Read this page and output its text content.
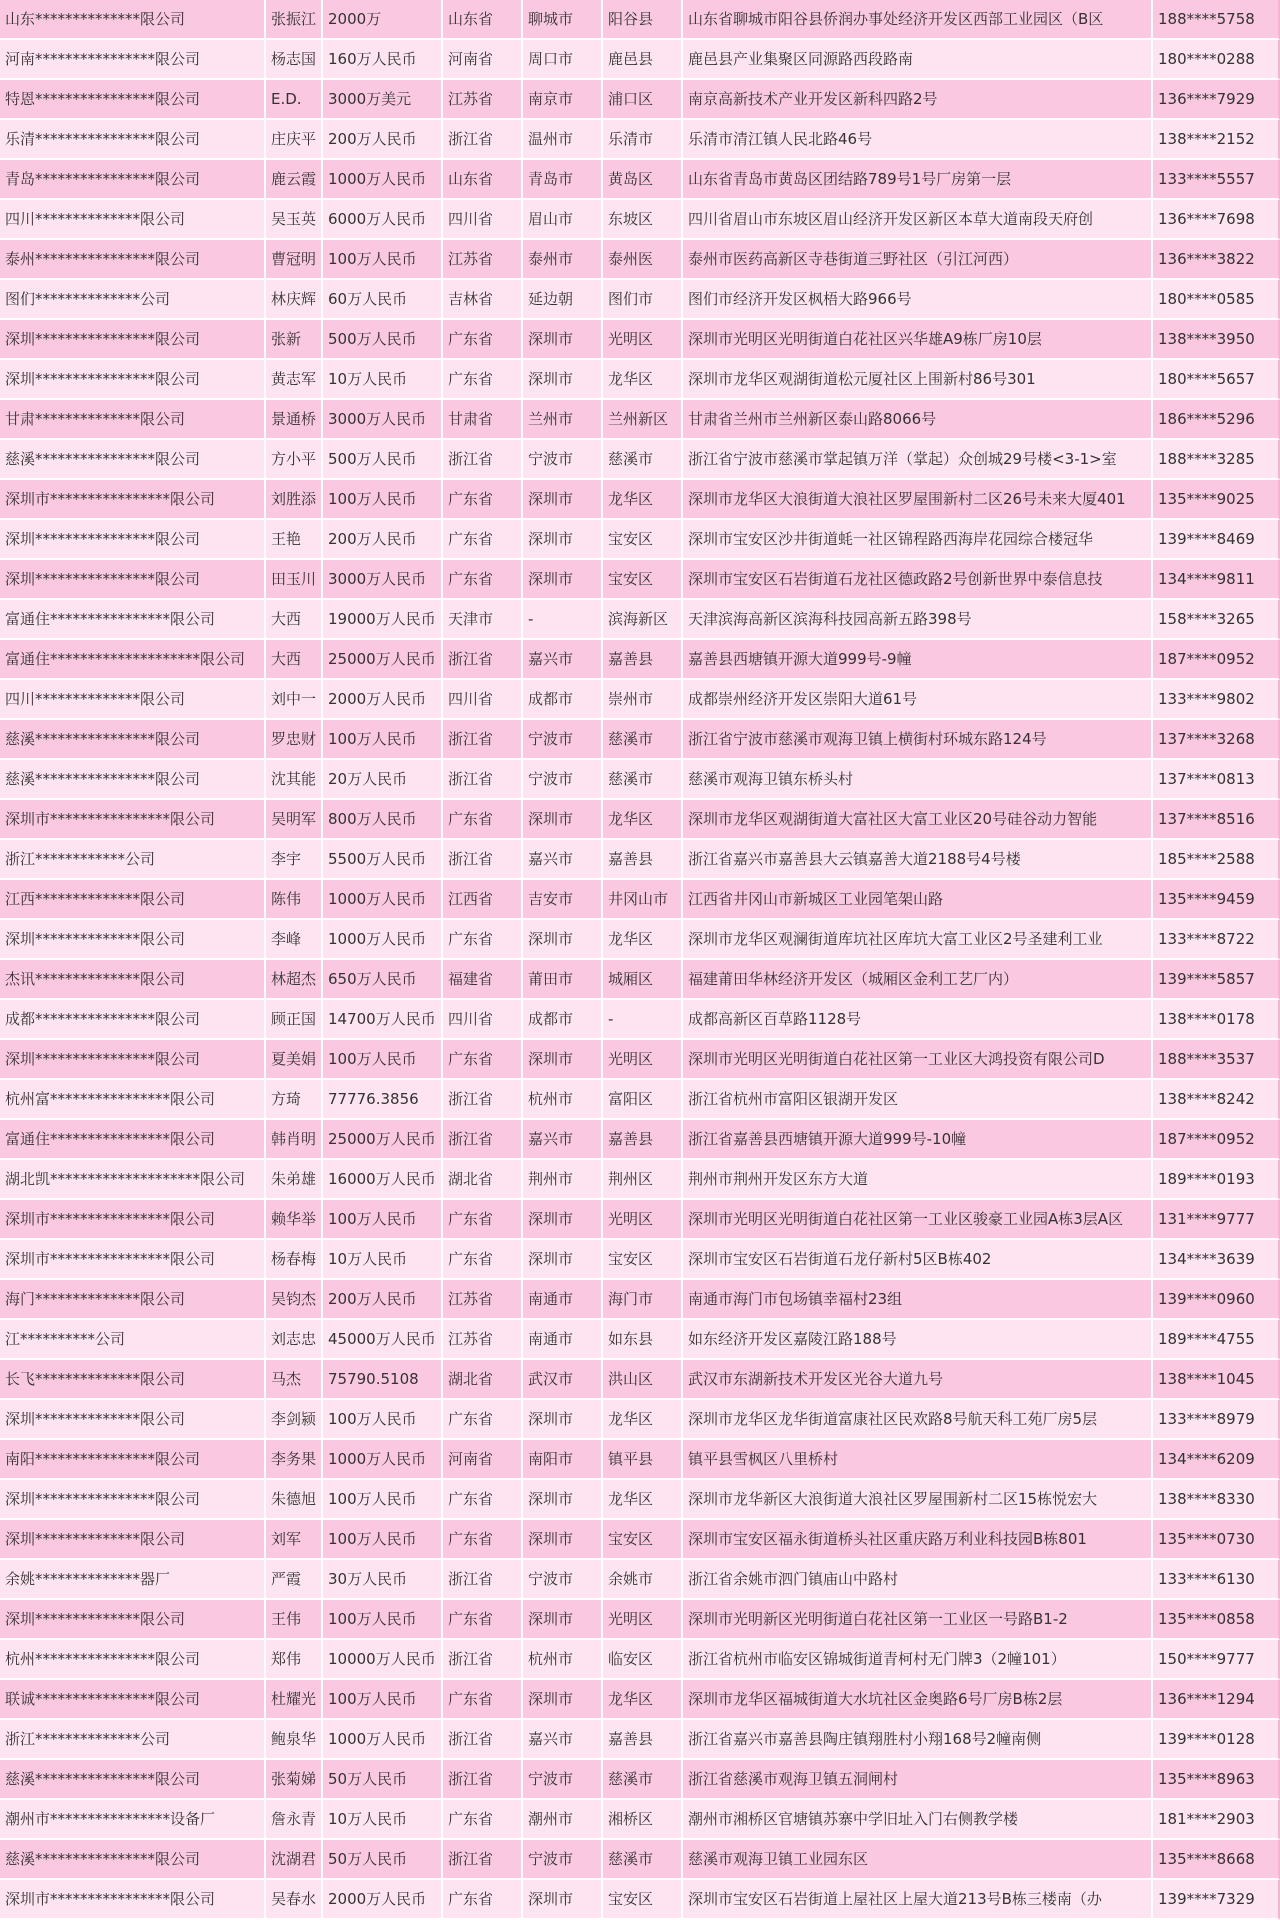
山东**************限公司	张振江	2000万	山东省	聊城市	阳谷县	山东省聊城市阳谷县侨润办事处经济开发区西部工业园区（B区	188****5758
河南****************限公司	杨志国	160万人民币	河南省	周口市	鹿邑县	鹿邑县产业集聚区同源路西段路南	180****0288
特恩****************限公司	E.D.	3000万美元	江苏省	南京市	浦口区	南京高新技术产业开发区新科四路2号	136****7929
乐清****************限公司	庄庆平	200万人民币	浙江省	温州市	乐清市	乐清市清江镇人民北路46号	138****2152
青岛****************限公司	鹿云霞	1000万人民币	山东省	青岛市	黄岛区	山东省青岛市黄岛区团结路789号1号厂房第一层	133****5557
四川**************限公司	吴玉英	6000万人民币	四川省	眉山市	东坡区	四川省眉山市东坡区眉山经济开发区新区本草大道南段天府创	136****7698
泰州****************限公司	曹冠明	100万人民币	江苏省	泰州市	泰州医	泰州市医药高新区寺巷街道三野社区（引江河西）	136****3822
图们**************公司	林庆辉	60万人民币	吉林省	延边朝	图们市	图们市经济开发区枫梧大路966号	180****0585
深圳****************限公司	张新	500万人民币	广东省	深圳市	光明区	深圳市光明区光明街道白花社区兴华雄A9栋厂房10层	138****3950
深圳****************限公司	黄志军	10万人民币	广东省	深圳市	龙华区	深圳市龙华区观湖街道松元厦社区上围新村86号301	180****5657
甘肃**************限公司	景通桥	3000万人民币	甘肃省	兰州市	兰州新区	甘肃省兰州市兰州新区泰山路8066号	186****5296
慈溪****************限公司	方小平	500万人民币	浙江省	宁波市	慈溪市	浙江省宁波市慈溪市掌起镇万洋（掌起）众创城29号楼<3-1>室	188****3285
深圳市****************限公司	刘胜添	100万人民币	广东省	深圳市	龙华区	深圳市龙华区大浪街道大浪社区罗屋围新村二区26号未来大厦401	135****9025
深圳****************限公司	王艳	200万人民币	广东省	深圳市	宝安区	深圳市宝安区沙井街道蚝一社区锦程路西海岸花园综合楼冠华	139****8469
深圳****************限公司	田玉川	3000万人民币	广东省	深圳市	宝安区	深圳市宝安区石岩街道石龙社区德政路2号创新世界中泰信息技	134****9811
富通住****************限公司	大西	19000万人民币	天津市	-	滨海新区	天津滨海高新区滨海科技园高新五路398号	158****3265
富通住********************限公司	大西	25000万人民币	浙江省	嘉兴市	嘉善县	嘉善县西塘镇开源大道999号-9幢	187****0952
四川**************限公司	刘中一	2000万人民币	四川省	成都市	崇州市	成都崇州经济开发区崇阳大道61号	133****9802
慈溪****************限公司	罗忠财	100万人民币	浙江省	宁波市	慈溪市	浙江省宁波市慈溪市观海卫镇上横街村环城东路124号	137****3268
慈溪****************限公司	沈其能	20万人民币	浙江省	宁波市	慈溪市	慈溪市观海卫镇东桥头村	137****0813
深圳市****************限公司	吴明军	800万人民币	广东省	深圳市	龙华区	深圳市龙华区观湖街道大富社区大富工业区20号硅谷动力智能	137****8516
浙江************公司	李宇	5500万人民币	浙江省	嘉兴市	嘉善县	浙江省嘉兴市嘉善县大云镇嘉善大道2188号4号楼	185****2588
江西**************限公司	陈伟	1000万人民币	江西省	吉安市	井冈山市	江西省井冈山市新城区工业园笔架山路	135****9459
深圳**************限公司	李峰	1000万人民币	广东省	深圳市	龙华区	深圳市龙华区观澜街道库坑社区库坑大富工业区2号圣建利工业	133****8722
杰讯**************限公司	林超杰	650万人民币	福建省	莆田市	城厢区	福建莆田华林经济开发区（城厢区金利工艺厂内）	139****5857
成都****************限公司	顾正国	14700万人民币	四川省	成都市	-	成都高新区百草路1128号	138****0178
深圳****************限公司	夏美娟	100万人民币	广东省	深圳市	光明区	深圳市光明区光明街道白花社区第一工业区大鸿投资有限公司D	188****3537
杭州富****************限公司	方琦	77776.3856	浙江省	杭州市	富阳区	浙江省杭州市富阳区银湖开发区	138****8242
富通住****************限公司	韩肖明	25000万人民币	浙江省	嘉兴市	嘉善县	浙江省嘉善县西塘镇开源大道999号-10幢	187****0952
湖北凯********************限公司	朱弟雄	16000万人民币	湖北省	荆州市	荆州区	荆州市荆州开发区东方大道	189****0193
深圳市****************限公司	赖华举	100万人民币	广东省	深圳市	光明区	深圳市光明区光明街道白花社区第一工业区骏豪工业园A栋3层A区	131****9777
深圳市****************限公司	杨春梅	10万人民币	广东省	深圳市	宝安区	深圳市宝安区石岩街道石龙仔新村5区B栋402	134****3639
海门**************限公司	吴钧杰	200万人民币	江苏省	南通市	海门市	南通市海门市包场镇幸福村23组	139****0960
江**********公司	刘志忠	45000万人民币	江苏省	南通市	如东县	如东经济开发区嘉陵江路188号	189****4755
长飞**************限公司	马杰	75790.5108	湖北省	武汉市	洪山区	武汉市东湖新技术开发区光谷大道九号	138****1045
深圳**************限公司	李剑颍	100万人民币	广东省	深圳市	龙华区	深圳市龙华区龙华街道富康社区民欢路8号航天科工苑厂房5层	133****8979
南阳****************限公司	李务果	1000万人民币	河南省	南阳市	镇平县	镇平县雪枫区八里桥村	134****6209
深圳****************限公司	朱德旭	100万人民币	广东省	深圳市	龙华区	深圳市龙华新区大浪街道大浪社区罗屋围新村二区15栋悦宏大	138****8330
深圳**************限公司	刘军	100万人民币	广东省	深圳市	宝安区	深圳市宝安区福永街道桥头社区重庆路万利业科技园B栋801	135****0730
余姚**************器厂	严霞	30万人民币	浙江省	宁波市	余姚市	浙江省余姚市泗门镇庙山中路村	133****6130
深圳**************限公司	王伟	100万人民币	广东省	深圳市	光明区	深圳市光明新区光明街道白花社区第一工业区一号路B1-2	135****0858
杭州****************限公司	郑伟	10000万人民币	浙江省	杭州市	临安区	浙江省杭州市临安区锦城街道青柯村无门牌3（2幢101）	150****9777
联诚****************限公司	杜耀光	100万人民币	广东省	深圳市	龙华区	深圳市龙华区福城街道大水坑社区金奥路6号厂房B栋2层	136****1294
浙江**************公司	鲍泉华	1000万人民币	浙江省	嘉兴市	嘉善县	浙江省嘉兴市嘉善县陶庄镇翔胜村小翔168号2幢南侧	139****0128
慈溪****************限公司	张菊娣	50万人民币	浙江省	宁波市	慈溪市	浙江省慈溪市观海卫镇五洞闸村	135****8963
潮州市****************设备厂	詹永青	10万人民币	广东省	潮州市	湘桥区	潮州市湘桥区官塘镇苏寨中学旧址入门右侧教学楼	181****2903
慈溪****************限公司	沈湖君	50万人民币	浙江省	宁波市	慈溪市	慈溪市观海卫镇工业园东区	135****8668
深圳市****************限公司	吴春水	2000万人民币	广东省	深圳市	宝安区	深圳市宝安区石岩街道上屋社区上屋大道213号B栋三楼南（办	139****7329
